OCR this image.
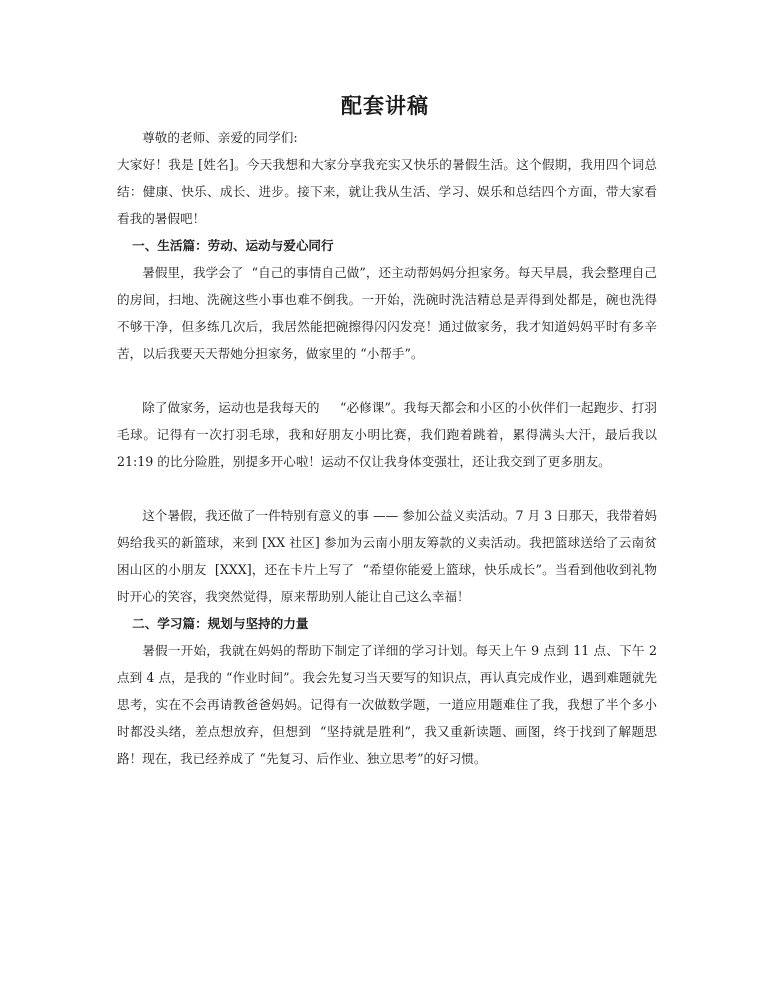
配套讲稿

尊敬的老师、亲爱的同学们:

大家好！我是 [姓名]。今天我想和大家分享我充实又快乐的暑假生活。这个假期，我用四个词总结：健康、快乐、成长、进步。接下来，就让我从生活、学习、娱乐和总结四个方面，带大家看看我的暑假吧！

一、生活篇：劳动、运动与爱心同行

暑假里，我学会了  “自己的事情自己做”，还主动帮妈妈分担家务。每天早晨，我会整理自己的房间，扫地、洗碗这些小事也难不倒我。一开始，洗碗时洗洁精总是弄得到处都是，碗也洗得不够干净，但多练几次后，我居然能把碗擦得闪闪发亮！通过做家务，我才知道妈妈平时有多辛苦，以后我要天天帮她分担家务，做家里的 “小帮手”。

除了做家务，运动也是我每天的     “必修课”。我每天都会和小区的小伙伴们一起跑步、打羽毛球。记得有一次打羽毛球，我和好朋友小明比赛，我们跑着跳着，累得满头大汗，最后我以 21:19 的比分险胜，别提多开心啦！运动不仅让我身体变强壮，还让我交到了更多朋友。

这个暑假，我还做了一件特别有意义的事 —— 参加公益义卖活动。7 月 3 日那天，我带着妈妈给我买的新篮球，来到 [XX 社区] 参加为云南小朋友筹款的义卖活动。我把篮球送给了云南贫困山区的小朋友  [XXX]，还在卡片上写了  “希望你能爱上篮球，快乐成长”。当看到他收到礼物时开心的笑容，我突然觉得，原来帮助别人能让自己这么幸福！

二、学习篇：规划与坚持的力量

暑假一开始，我就在妈妈的帮助下制定了详细的学习计划。每天上午 9 点到 11 点、下午 2 点到 4 点，是我的 “作业时间”。我会先复习当天要写的知识点，再认真完成作业，遇到难题就先思考，实在不会再请教爸爸妈妈。记得有一次做数学题，一道应用题难住了我，我想了半个多小时都没头绪，差点想放弃，但想到  “坚持就是胜利”，我又重新读题、画图，终于找到了解题思路！现在，我已经养成了 “先复习、后作业、独立思考”的好习惯。
